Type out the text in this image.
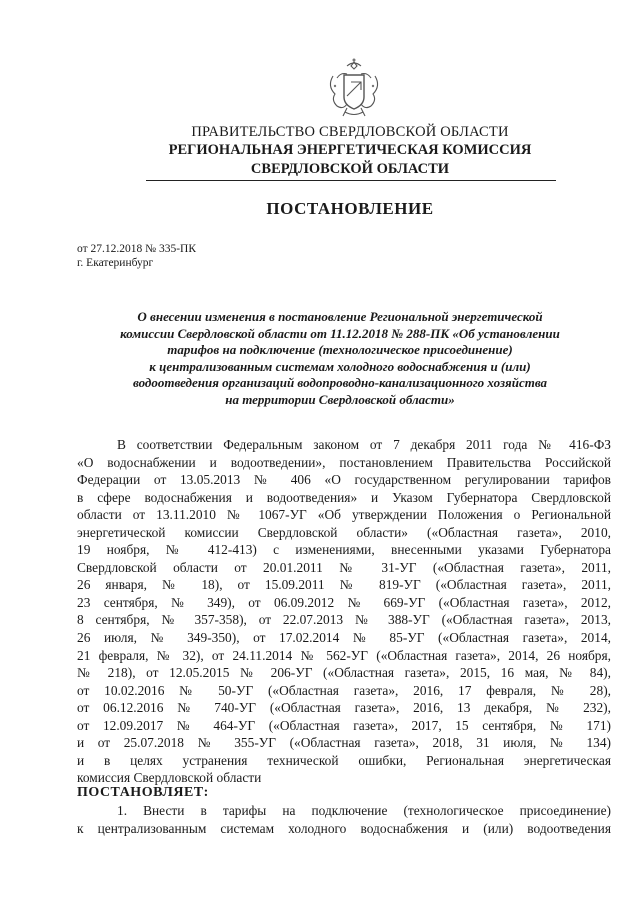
ПРАВИТЕЛЬСТВО СВЕРДЛОВСКОЙ ОБЛАСТИ
РЕГИОНАЛЬНАЯ ЭНЕРГЕТИЧЕСКАЯ КОМИССИЯ
СВЕРДЛОВСКОЙ ОБЛАСТИ
ПОСТАНОВЛЕНИЕ
от 27.12.2018 № 335-ПК
г. Екатеринбург
О внесении изменения в постановление Региональной энергетической
комиссии Свердловской области от 11.12.2018 № 288-ПК «Об установлении
тарифов на подключение (технологическое присоединение)
к централизованным системам холодного водоснабжения и (или)
водоотведения организаций водопроводно-канализационного хозяйства
на территории Свердловской области»
В соответствии Федеральным законом от 7 декабря 2011 года № 416-ФЗ
«О водоснабжении и водоотведении», постановлением Правительства Российской
Федерации от 13.05.2013 № 406 «О государственном регулировании тарифов
в сфере водоснабжения и водоотведения» и Указом Губернатора Свердловской
области от 13.11.2010 № 1067-УГ «Об утверждении Положения о Региональной
энергетической комиссии Свердловской области» («Областная газета», 2010,
19 ноября, № 412-413) с изменениями, внесенными указами Губернатора
Свердловской области от 20.01.2011 № 31-УГ («Областная газета», 2011,
26 января, № 18), от 15.09.2011 № 819-УГ («Областная газета», 2011,
23 сентября, № 349), от 06.09.2012 № 669-УГ («Областная газета», 2012,
8 сентября, № 357-358), от 22.07.2013 № 388-УГ («Областная газета», 2013,
26 июля, № 349-350), от 17.02.2014 № 85-УГ («Областная газета», 2014,
21 февраля, № 32), от 24.11.2014 № 562-УГ («Областная газета», 2014, 26 ноября,
№ 218), от 12.05.2015 № 206-УГ («Областная газета», 2015, 16 мая, № 84),
от 10.02.2016 № 50-УГ («Областная газета», 2016, 17 февраля, № 28),
от 06.12.2016 № 740-УГ («Областная газета», 2016, 13 декабря, № 232),
от 12.09.2017 № 464-УГ («Областная газета», 2017, 15 сентября, № 171)
и от 25.07.2018 № 355-УГ («Областная газета», 2018, 31 июля, № 134)
и в целях устранения технической ошибки, Региональная энергетическая
комиссия Свердловской области
ПОСТАНОВЛЯЕТ:
1. Внести в тарифы на подключение (технологическое присоединение)
к централизованным системам холодного водоснабжения и (или) водоотведения
